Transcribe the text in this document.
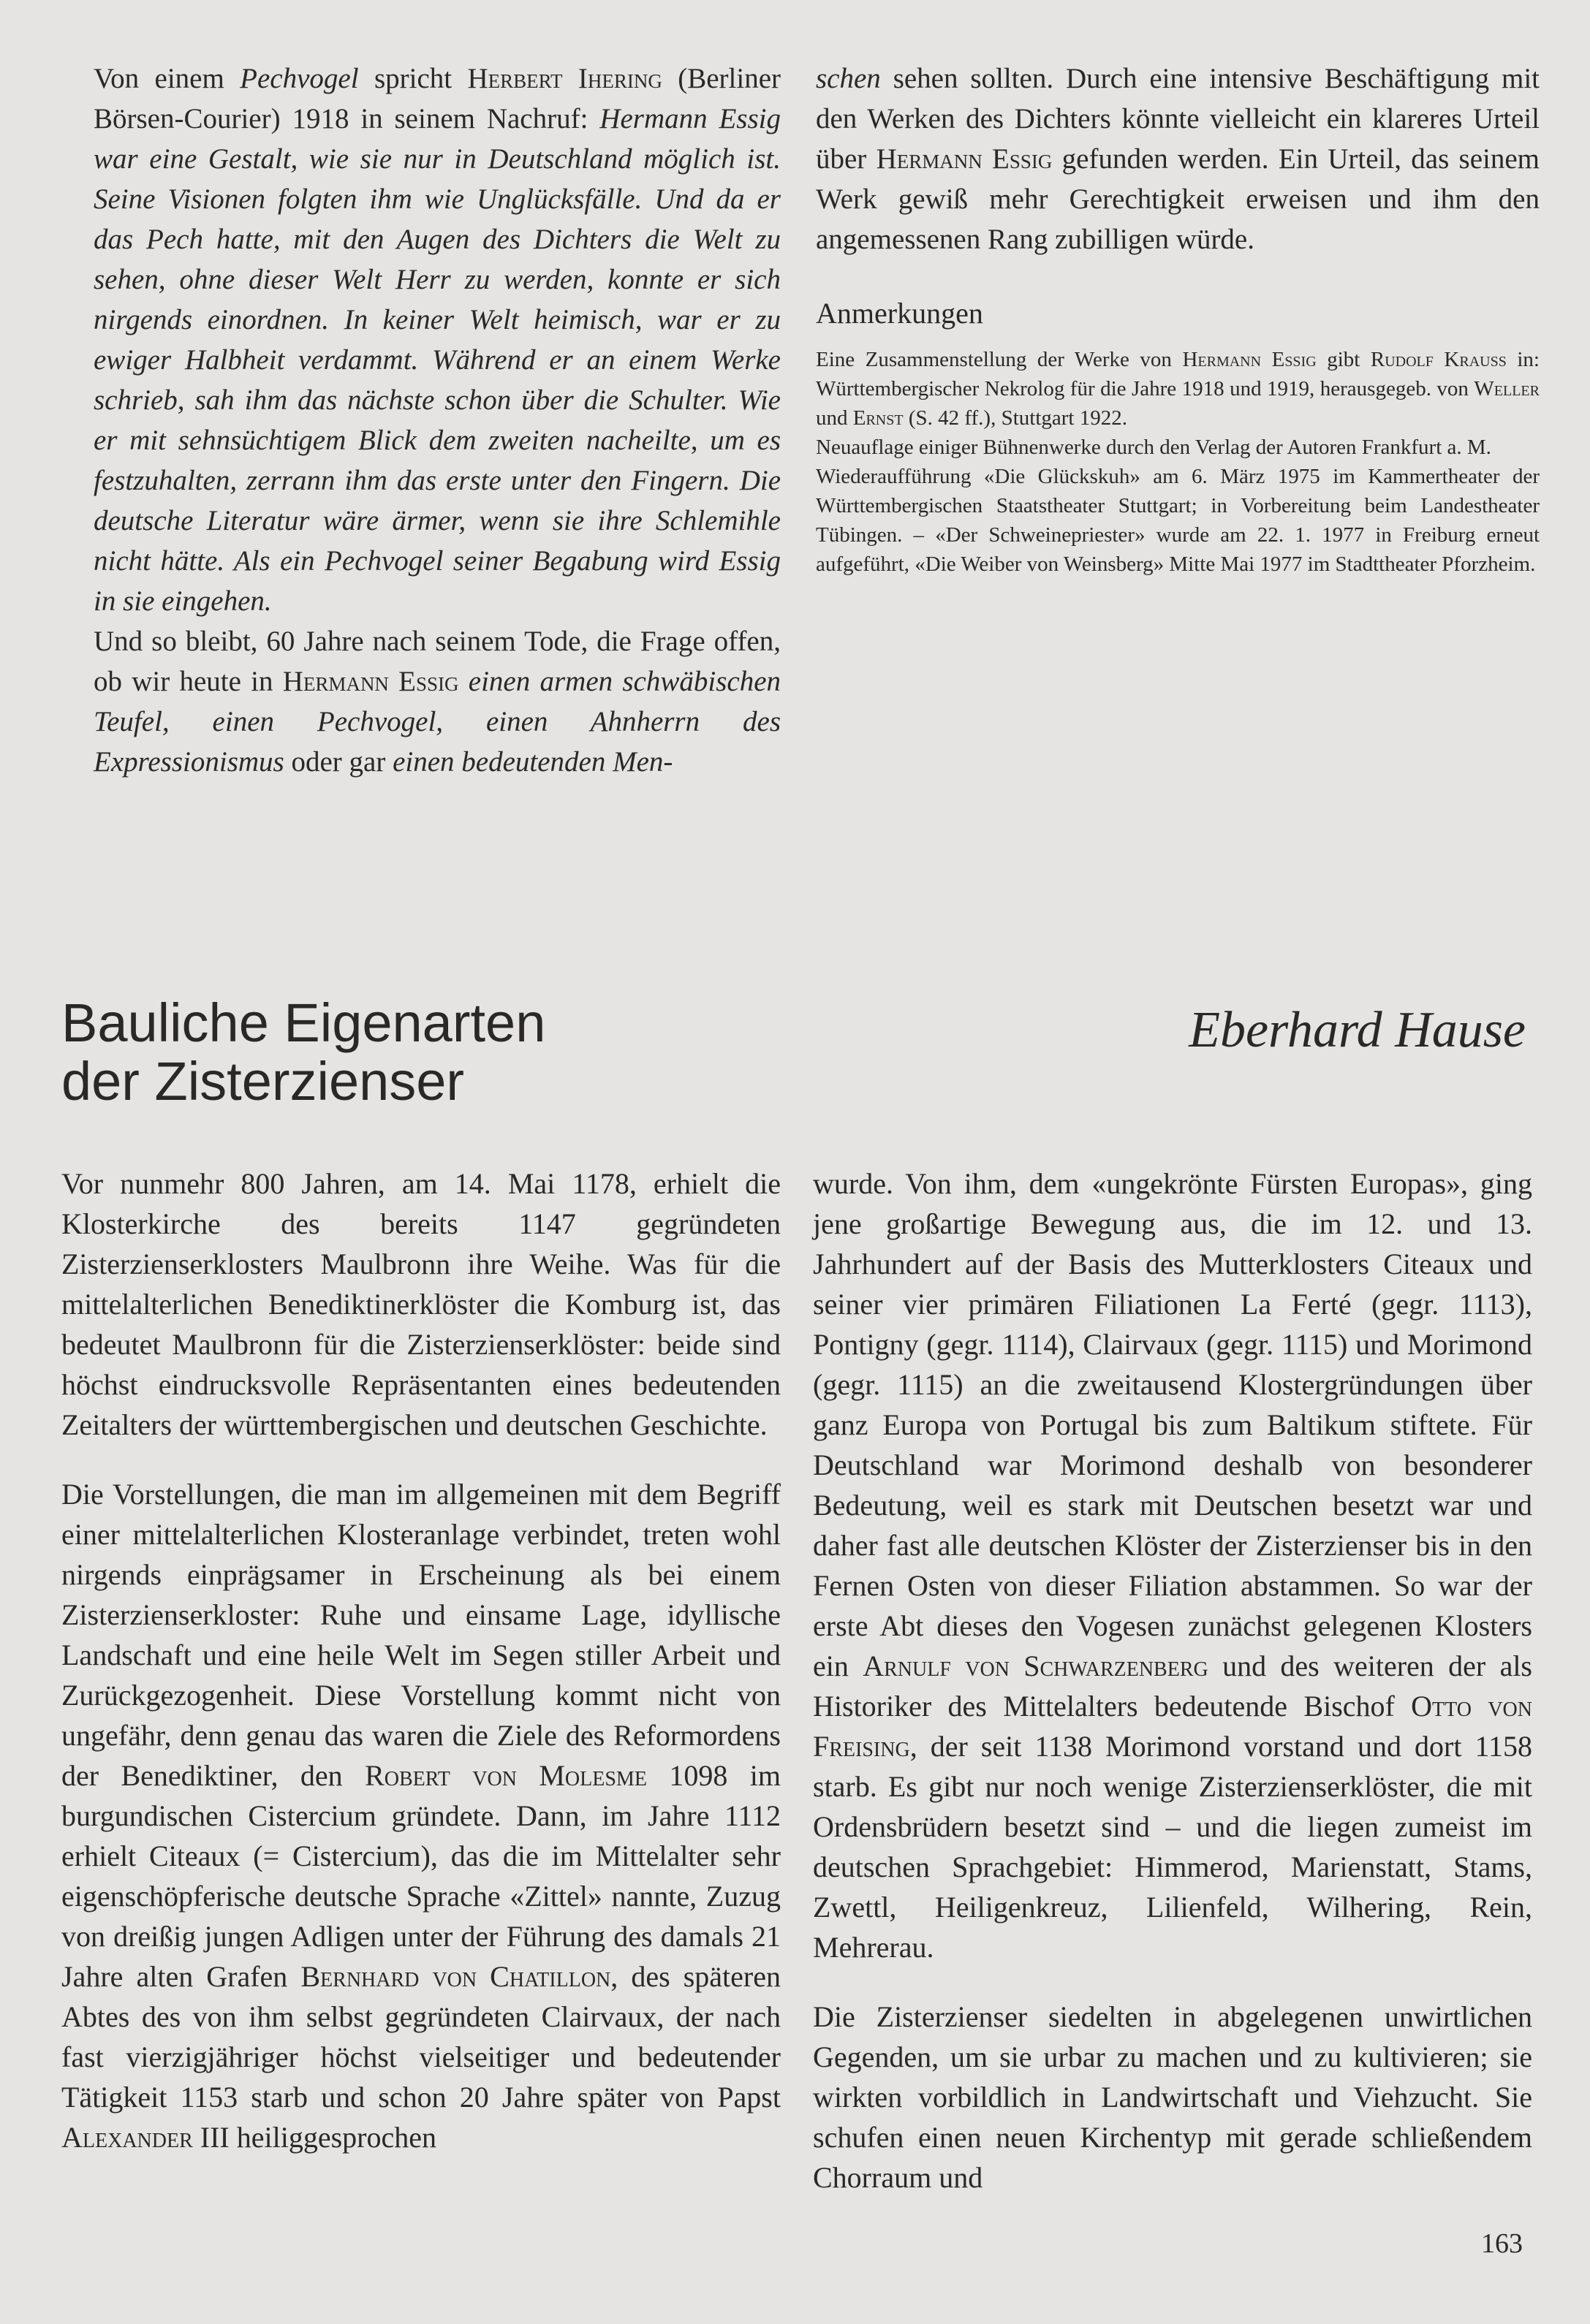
Von einem Pechvogel spricht Herbert Ihering (Berliner Börsen-Courier) 1918 in seinem Nachruf: Hermann Essig war eine Gestalt, wie sie nur in Deutschland möglich ist. Seine Visionen folgten ihm wie Unglücksfälle. Und da er das Pech hatte, mit den Augen des Dichters die Welt zu sehen, ohne dieser Welt Herr zu werden, konnte er sich nirgends einordnen. In keiner Welt heimisch, war er zu ewiger Halbheit verdammt. Während er an einem Werke schrieb, sah ihm das nächste schon über die Schulter. Wie er mit sehnsüchtigem Blick dem zweiten nacheilte, um es festzuhalten, zerrann ihm das erste unter den Fingern. Die deutsche Literatur wäre ärmer, wenn sie ihre Schlemihle nicht hätte. Als ein Pechvogel seiner Begabung wird Essig in sie eingehen.

Und so bleibt, 60 Jahre nach seinem Tode, die Frage offen, ob wir heute in Hermann Essig einen armen schwäbischen Teufel, einen Pechvogel, einen Ahnherrn des Expressionismus oder gar einen bedeutenden Men-

schen sehen sollten. Durch eine intensive Beschäftigung mit den Werken des Dichters könnte vielleicht ein klareres Urteil über Hermann Essig gefunden werden. Ein Urteil, das seinem Werk gewiß mehr Gerechtigkeit erweisen und ihm den angemessenen Rang zubilligen würde.

Anmerkungen

Eine Zusammenstellung der Werke von Hermann Essig gibt Rudolf Krauss in: Württembergischer Nekrolog für die Jahre 1918 und 1919, herausgegeb. von Weller und Ernst (S. 42 ff.), Stuttgart 1922.

Neuauflage einiger Bühnenwerke durch den Verlag der Autoren Frankfurt a. M.

Wiederaufführung «Die Glückskuh» am 6. März 1975 im Kammertheater der Württembergischen Staatstheater Stuttgart; in Vorbereitung beim Landestheater Tübingen. – «Der Schweinepriester» wurde am 22. 1. 1977 in Freiburg erneut aufgeführt, «Die Weiber von Weinsberg» Mitte Mai 1977 im Stadttheater Pforzheim.

Bauliche Eigenarten
der Zisterzienser
Eberhard Hause

Vor nunmehr 800 Jahren, am 14. Mai 1178, erhielt die Klosterkirche des bereits 1147 gegründeten Zisterzienserklosters Maulbronn ihre Weihe. Was für die mittelalterlichen Benediktinerklöster die Komburg ist, das bedeutet Maulbronn für die Zisterzienserklöster: beide sind höchst eindrucksvolle Repräsentanten eines bedeutenden Zeitalters der württembergischen und deutschen Geschichte.

Die Vorstellungen, die man im allgemeinen mit dem Begriff einer mittelalterlichen Klosteranlage verbindet, treten wohl nirgends einprägsamer in Erscheinung als bei einem Zisterzienserkloster: Ruhe und einsame Lage, idyllische Landschaft und eine heile Welt im Segen stiller Arbeit und Zurückgezogenheit. Diese Vorstellung kommt nicht von ungefähr, denn genau das waren die Ziele des Reformordens der Benediktiner, den Robert von Molesme 1098 im burgundischen Cistercium gründete. Dann, im Jahre 1112 erhielt Citeaux (= Cistercium), das die im Mittelalter sehr eigenschöpferische deutsche Sprache «Zittel» nannte, Zuzug von dreißig jungen Adligen unter der Führung des damals 21 Jahre alten Grafen Bernhard von Chatillon, des späteren Abtes des von ihm selbst gegründeten Clairvaux, der nach fast vierzigjähriger höchst vielseitiger und bedeutender Tätigkeit 1153 starb und schon 20 Jahre später von Papst Alexander III heiliggesprochen

wurde. Von ihm, dem «ungekrönte Fürsten Europas», ging jene großartige Bewegung aus, die im 12. und 13. Jahrhundert auf der Basis des Mutterklosters Citeaux und seiner vier primären Filiationen La Ferté (gegr. 1113), Pontigny (gegr. 1114), Clairvaux (gegr. 1115) und Morimond (gegr. 1115) an die zweitausend Klostergründungen über ganz Europa von Portugal bis zum Baltikum stiftete. Für Deutschland war Morimond deshalb von besonderer Bedeutung, weil es stark mit Deutschen besetzt war und daher fast alle deutschen Klöster der Zisterzienser bis in den Fernen Osten von dieser Filiation abstammen. So war der erste Abt dieses den Vogesen zunächst gelegenen Klosters ein Arnulf von Schwarzenberg und des weiteren der als Historiker des Mittelalters bedeutende Bischof Otto von Freising, der seit 1138 Morimond vorstand und dort 1158 starb. Es gibt nur noch wenige Zisterzienserklöster, die mit Ordensbrüdern besetzt sind – und die liegen zumeist im deutschen Sprachgebiet: Himmerod, Marienstatt, Stams, Zwettl, Heiligenkreuz, Lilienfeld, Wilhering, Rein, Mehrerau.

Die Zisterzienser siedelten in abgelegenen unwirtlichen Gegenden, um sie urbar zu machen und zu kultivieren; sie wirkten vorbildlich in Landwirtschaft und Viehzucht. Sie schufen einen neuen Kirchentyp mit gerade schließendem Chorraum und

163
